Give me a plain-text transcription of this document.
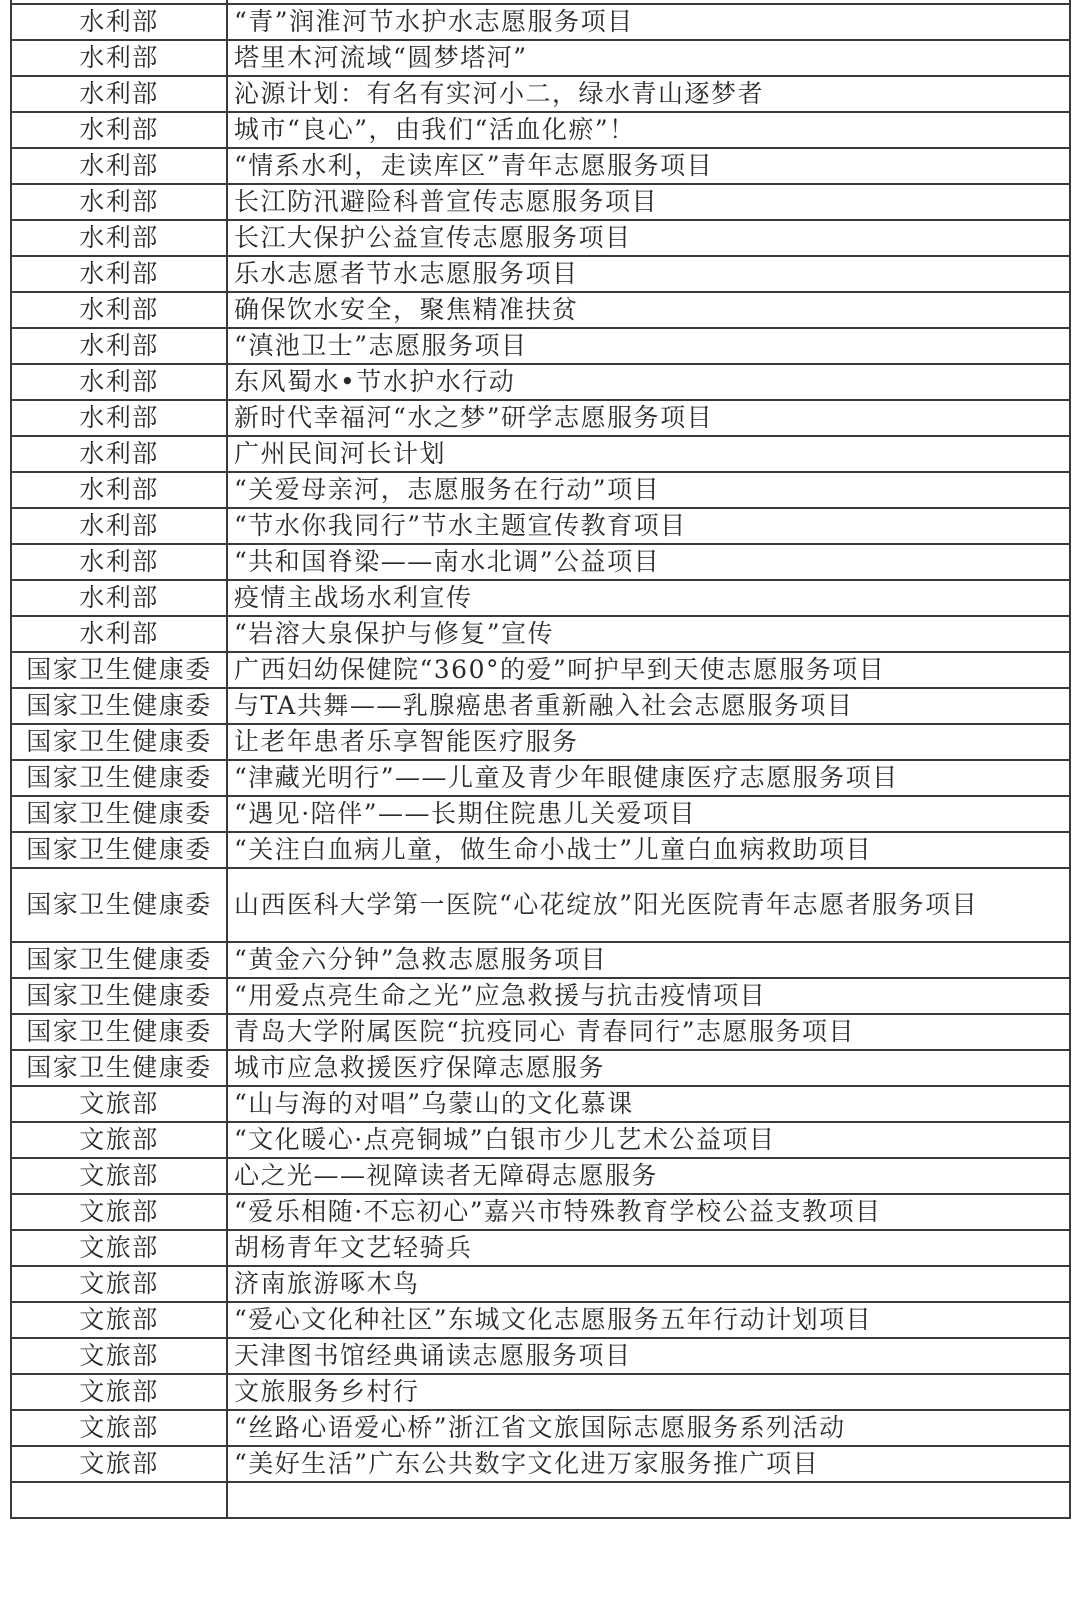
水利部	“青”润淮河节水护水志愿服务项目
水利部	塔里木河流域“圆梦塔河”
水利部	沁源计划：有名有实河小二，绿水青山逐梦者
水利部	城市“良心”，由我们“活血化瘀”！
水利部	“情系水利，走读库区”青年志愿服务项目
水利部	长江防汛避险科普宣传志愿服务项目
水利部	长江大保护公益宣传志愿服务项目
水利部	乐水志愿者节水志愿服务项目
水利部	确保饮水安全，聚焦精准扶贫
水利部	“滇池卫士”志愿服务项目
水利部	东风蜀水•节水护水行动
水利部	新时代幸福河“水之梦”研学志愿服务项目
水利部	广州民间河长计划
水利部	“关爱母亲河，志愿服务在行动”项目
水利部	“节水你我同行”节水主题宣传教育项目
水利部	“共和国脊梁——南水北调”公益项目
水利部	疫情主战场水利宣传
水利部	“岩溶大泉保护与修复”宣传
国家卫生健康委	广西妇幼保健院“360°的爱”呵护早到天使志愿服务项目
国家卫生健康委	与TA共舞——乳腺癌患者重新融入社会志愿服务项目
国家卫生健康委	让老年患者乐享智能医疗服务
国家卫生健康委	“津藏光明行”——儿童及青少年眼健康医疗志愿服务项目
国家卫生健康委	“遇见·陪伴”——长期住院患儿关爱项目
国家卫生健康委	“关注白血病儿童，做生命小战士”儿童白血病救助项目
国家卫生健康委	山西医科大学第一医院“心花绽放”阳光医院青年志愿者服务项目
国家卫生健康委	“黄金六分钟”急救志愿服务项目
国家卫生健康委	“用爱点亮生命之光”应急救援与抗击疫情项目
国家卫生健康委	青岛大学附属医院“抗疫同心 青春同行”志愿服务项目
国家卫生健康委	城市应急救援医疗保障志愿服务
文旅部	“山与海的对唱”乌蒙山的文化慕课
文旅部	“文化暖心·点亮铜城”白银市少儿艺术公益项目
文旅部	心之光——视障读者无障碍志愿服务
文旅部	“爱乐相随·不忘初心”嘉兴市特殊教育学校公益支教项目
文旅部	胡杨青年文艺轻骑兵
文旅部	济南旅游啄木鸟
文旅部	“爱心文化种社区”东城文化志愿服务五年行动计划项目
文旅部	天津图书馆经典诵读志愿服务项目
文旅部	文旅服务乡村行
文旅部	“丝路心语爱心桥”浙江省文旅国际志愿服务系列活动
文旅部	“美好生活”广东公共数字文化进万家服务推广项目
